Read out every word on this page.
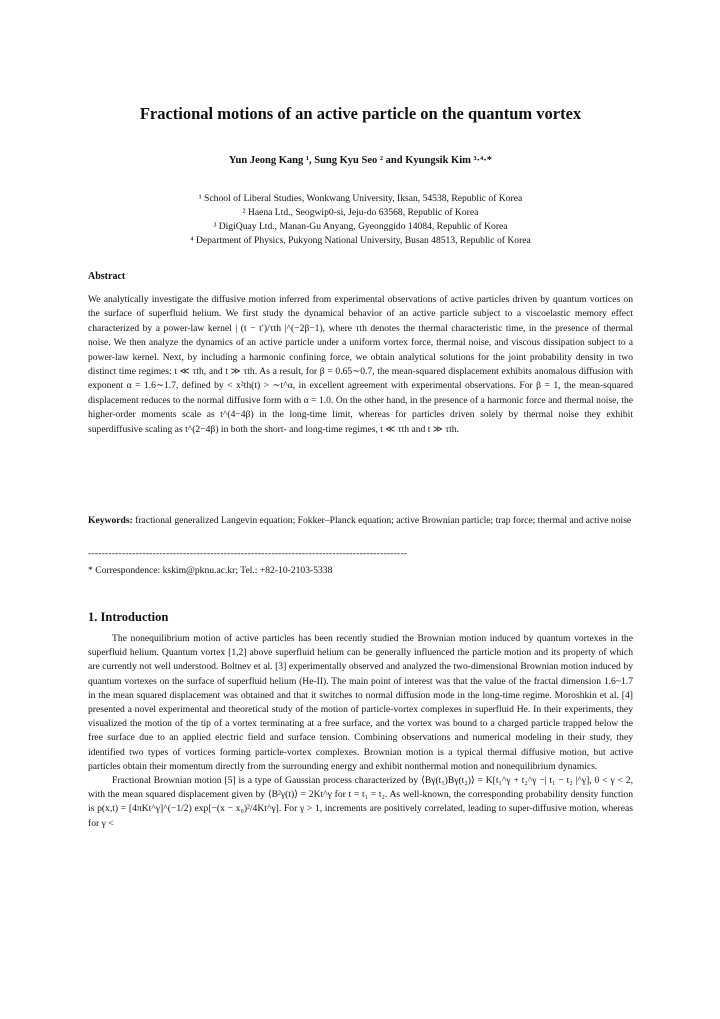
Fractional motions of an active particle on the quantum vortex
Yun Jeong Kang ¹, Sung Kyu Seo ² and Kyungsik Kim ³·⁴·*
¹ School of Liberal Studies, Wonkwang University, Iksan, 54538, Republic of Korea
² Haena Ltd., Seogwip0-si, Jeju-do 63568, Republic of Korea
³ DigiQuay Ltd., Manan-Gu Anyang, Gyeonggido 14084, Republic of Korea
⁴ Department of Physics, Pukyong National University, Busan 48513, Republic of Korea
Abstract
We analytically investigate the diffusive motion inferred from experimental observations of active particles driven by quantum vortices on the surface of superfluid helium. We first study the dynamical behavior of an active particle subject to a viscoelastic memory effect characterized by a power-law kernel | (t − t′)/τth |^(−2β−1), where τth denotes the thermal characteristic time, in the presence of thermal noise. We then analyze the dynamics of an active particle under a uniform vortex force, thermal noise, and viscous dissipation subject to a power-law kernel. Next, by including a harmonic confining force, we obtain analytical solutions for the joint probability density in two distinct time regimes: t ≪ τth, and t ≫ τth. As a result, for β = 0.65∼0.7, the mean-squared displacement exhibits anomalous diffusion with exponent α = 1.6∼1.7, defined by < x²th(t) > ∼t^α, in excellent agreement with experimental observations. For β = 1, the mean-squared displacement reduces to the normal diffusive form with α = 1.0. On the other hand, in the presence of a harmonic force and thermal noise, the higher-order moments scale as t^(4−4β) in the long-time limit, whereas for particles driven solely by thermal noise they exhibit superdiffusive scaling as t^(2−4β) in both the short- and long-time regimes, t ≪ τth and t ≫ τth.
Keywords: fractional generalized Langevin equation; Fokker–Planck equation; active Brownian particle; trap force; thermal and active noise
----------------------------------------------------------------------------------------------
* Correspondence: kskim@pknu.ac.kr; Tel.: +82-10-2103-5338
1. Introduction

The nonequilibrium motion of active particles has been recently studied the Brownian motion induced by quantum vortexes in the superfluid helium. Quantum vortex [1,2] above superfluid helium can be generally influenced the particle motion and its property of which are currently not well understood. Boltnev et al. [3] experimentally observed and analyzed the two-dimensional Brownian motion induced by quantum vortexes on the surface of superfluid helium (He-II). The main point of interest was that the value of the fractal dimension 1.6~1.7 in the mean squared displacement was obtained and that it switches to normal diffusion mode in the long-time regime. Moroshkin et al. [4] presented a novel experimental and theoretical study of the motion of particle-vortex complexes in superfluid He. In their experiments, they visualized the motion of the tip of a vortex terminating at a free surface, and the vortex was bound to a charged particle trapped below the free surface due to an applied electric field and surface tension. Combining observations and numerical modeling in their study, they identified two types of vortices forming particle-vortex complexes. Brownian motion is a typical thermal diffusive motion, but active particles obtain their momentum directly from the surrounding energy and exhibit nonthermal motion and nonequilibrium dynamics.

Fractional Brownian motion [5] is a type of Gaussian process characterized by ⟨Bγ(t₁)Bγ(t₂)⟩ = K[t₁^γ + t₂^γ −| t₁ − t₂ |^γ], 0 < γ < 2, with the mean squared displacement given by ⟨B²γ(t)⟩ = 2Kt^γ for t = t₁ = t₂. As well-known, the corresponding probability density function is p(x,t) = [4πKt^γ]^(−1/2) exp[−(x − x₀)²/4Kt^γ]. For γ > 1, increments are positively correlated, leading to super-diffusive motion, whereas for γ <
